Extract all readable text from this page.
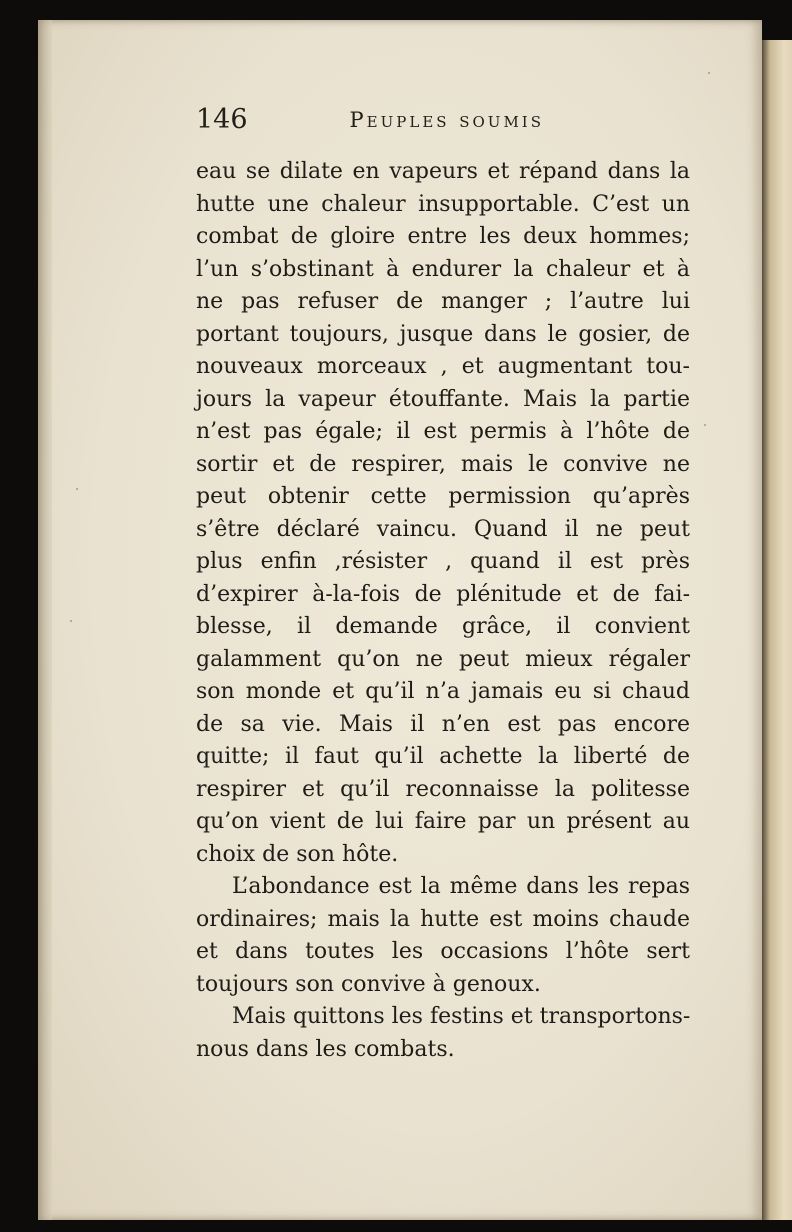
146	Peuples soumis
eau se dilate en vapeurs et répand dans la
hutte une chaleur insupportable. C’est un
combat de gloire entre les deux hommes;
l’un s’obstinant à endurer la chaleur et à
ne pas refuser de manger ; l’autre lui
portant toujours, jusque dans le gosier, de
nouveaux morceaux , et augmentant tou-
jours la vapeur étouffante. Mais la partie
n’est pas égale; il est permis à l’hôte de
sortir et de respirer, mais le convive ne
peut obtenir cette permission qu’après
s’être déclaré vaincu. Quand il ne peut
plus enfin ,résister , quand il est près
d’expirer à-la-fois de plénitude et de fai-
blesse, il demande grâce, il convient
galamment qu’on ne peut mieux régaler
son monde et qu’il n’a jamais eu si chaud
de sa vie. Mais il n’en est pas encore
quitte; il faut qu’il achette la liberté de
respirer et qu’il reconnaisse la politesse
qu’on vient de lui faire par un présent au
choix de son hôte.
L’abondance est la même dans les repas
ordinaires; mais la hutte est moins chaude
et dans toutes les occasions l’hôte sert
toujours son convive à genoux.
Mais quittons les festins et transportons-
nous dans les combats.
